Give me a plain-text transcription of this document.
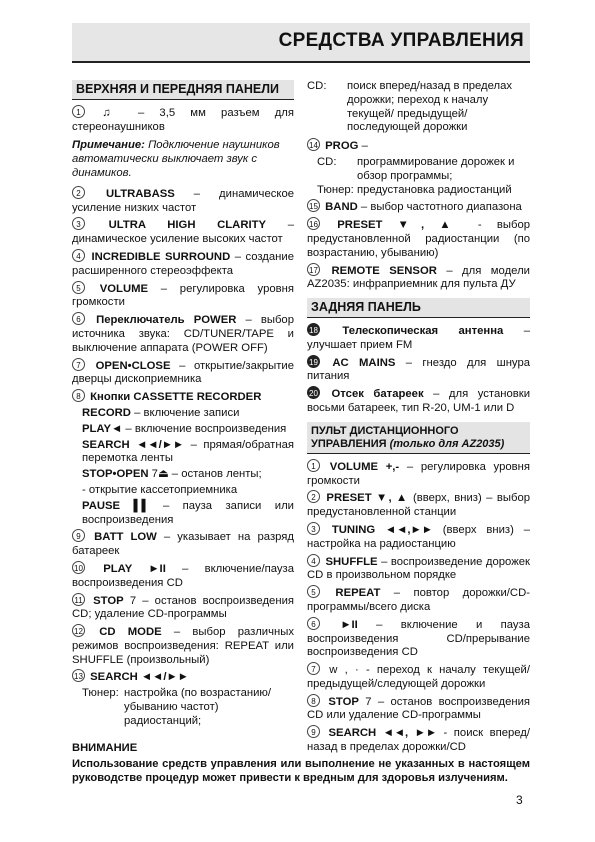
СРЕДСТВА УПРАВЛЕНИЯ
ВЕРХНЯЯ И ПЕРЕДНЯЯ ПАНЕЛИ
1 ♫ – 3,5 мм разъем для стереонаушников
Примечание: Подключение наушников автоматически выключает звук с динамиков.
2 ULTRABASS – динамическое усиление низких частот
3 ULTRA HIGH CLARITY – динамическое усиление высоких частот
4 INCREDIBLE SURROUND – создание расширенного стереоэффекта
5 VOLUME – регулировка уровня громкости
6 Переключатель POWER – выбор источника звука: CD/TUNER/TAPE и выключение аппарата (POWER OFF)
7 OPEN•CLOSE – открытие/закрытие дверцы дископриемника
8 Кнопки CASSETTE RECORDER
RECORD – включение записи
PLAY◄ – включение воспроизведения
SEARCH ◄◄/►► – прямая/обратная перемотка ленты
STOP•OPEN 7⏏ – останов ленты;
- открытие кассетоприемника
PAUSE ▌▌ – пауза записи или воспроизведения
9 BATT LOW – указывает на разряд батареек
10 PLAY ►II – включение/пауза воспроизведения CD
11 STOP 7 – останов воспроизведения CD; удаление CD-программы
12 CD MODE – выбор различных режимов воспроизведения: REPEAT или SHUFFLE (произвольный)
13 SEARCH ◄◄/►►
Тюнер: настройка (по возрастанию/ убыванию частот) радиостанций;
CD:	поиск вперед/назад в пределах дорожки; переход к началу текущей/ предыдущей/последующей дорожки
14 PROG –
CD:	программирование дорожек и обзор программы;
Тюнер: предустановка радиостанций
15 BAND – выбор частотного диапазона
16 PRESET ▼, ▲ - выбор предустановленной радиостанции (по возрастанию, убыванию)
17 REMOTE SENSOR – для модели AZ2035: инфраприемник для пульта ДУ
ЗАДНЯЯ ПАНЕЛЬ
18 Телескопическая антенна – улучшает прием FM
19 AC MAINS – гнездо для шнура питания
20 Отсек батареек – для установки восьми батареек, тип R-20, UM-1 или D
ПУЛЬТ ДИСТАНЦИОННОГО УПРАВЛЕНИЯ (только для AZ2035)
1 VOLUME +,- – регулировка уровня громкости
2 PRESET ▼, ▲ (вверх, вниз) – выбор предустановленной станции
3 TUNING ◄◄,►► (вверх вниз) – настройка на радиостанцию
4 SHUFFLE – воспроизведение дорожек CD в произвольном порядке
5 REPEAT – повтор дорожки/CD-программы/всего диска
6 ►II – включение и пауза воспроизведения CD/прерывание воспроизведения CD
7 w , · - переход к началу текущей/предыдущей/следующей дорожки
8 STOP 7 – останов воспроизведения CD или удаление CD-программы
9 SEARCH ◄◄, ►► - поиск вперед/назад в пределах дорожки/CD
ВНИМАНИЕ
Использование средств управления или выполнение не указанных в настоящем руководстве процедур может привести к вредным для здоровья излучениям.
3
